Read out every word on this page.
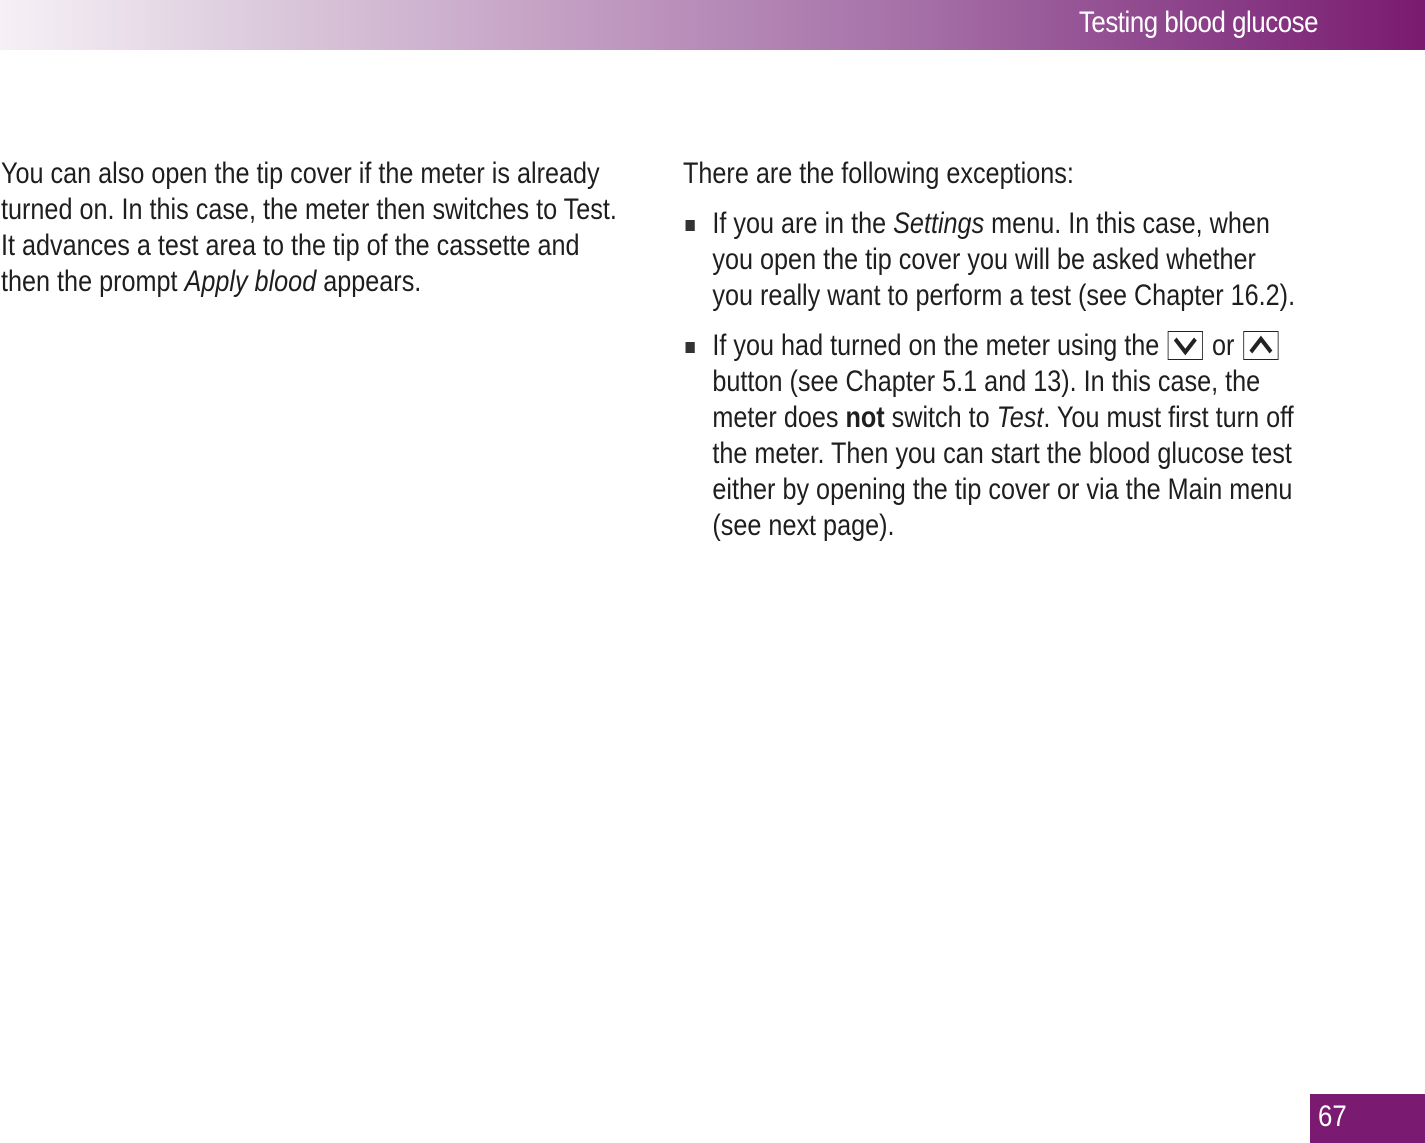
Testing blood glucose

You can also open the tip cover if the meter is already

turned on. In this case, the meter then switches to Test.

It advances a test area to the tip of the cassette and

then the prompt Apply blood appears.

There are the following exceptions:

If you are in the Settings menu. In this case, when
you open the tip cover you will be asked whether
you really want to perform a test (see Chapter 16.2).
If you had turned on the meter using the
or
button (see Chapter 5.1 and 13). In this case, the
meter does not switch to Test. You must first turn off
the meter. Then you can start the blood glucose test
either by opening the tip cover or via the Main menu
(see next page).
67
